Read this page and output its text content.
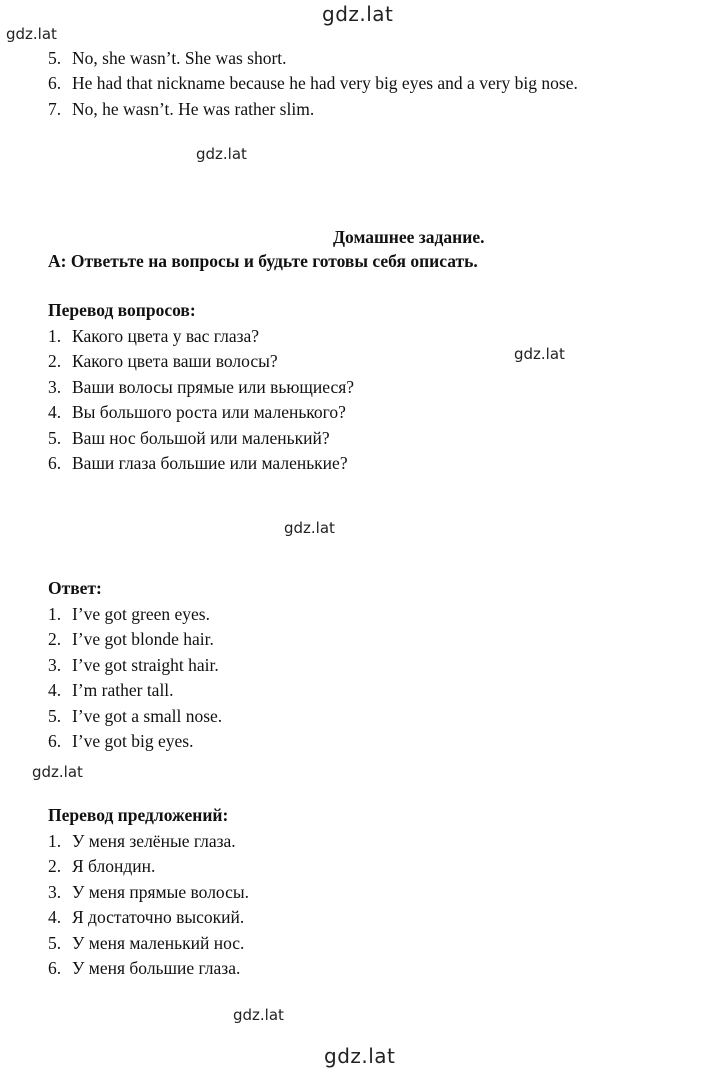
gdz.lat
gdz.lat
gdz.lat
gdz.lat
gdz.lat
gdz.lat
gdz.lat
gdz.lat
5. No, she wasn’t. She was short.
6. He had that nickname because he had very big eyes and a very big nose.
7. No, he wasn’t. He was rather slim.
Домашнее задание.
A: Ответьте на вопросы и будьте готовы себя описать.
Перевод вопросов:
1. Какого цвета у вас глаза?
2. Какого цвета ваши волосы?
3. Ваши волосы прямые или вьющиеся?
4. Вы большого роста или маленького?
5. Ваш нос большой или маленький?
6. Ваши глаза большие или маленькие?
Ответ:
1. I’ve got green eyes.
2. I’ve got blonde hair.
3. I’ve got straight hair.
4. I’m rather tall.
5. I’ve got a small nose.
6. I’ve got big eyes.
Перевод предложений:
1. У меня зелёные глаза.
2. Я блондин.
3. У меня прямые волосы.
4. Я достаточно высокий.
5. У меня маленький нос.
6. У меня большие глаза.
